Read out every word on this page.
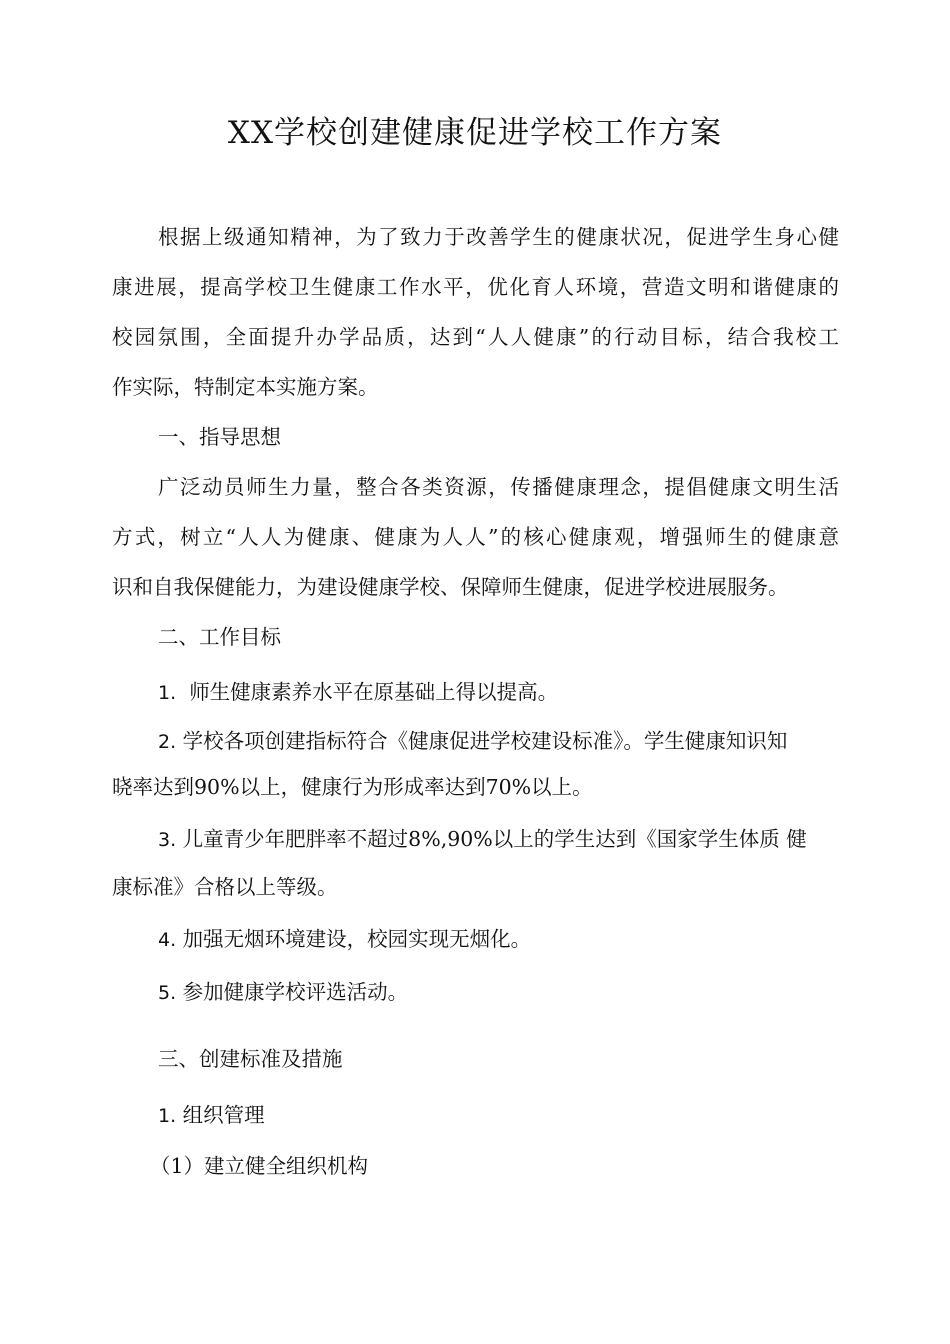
XX学校创建健康促进学校工作方案
根据上级通知精神，为了致力于改善学生的健康状况，促进学生身心健
康进展，提高学校卫生健康工作水平，优化育人环境，营造文明和谐健康的
校园氛围，全面提升办学品质，达到“人人健康”的行动目标，结合我校工
作实际，特制定本实施方案。
一、指导思想
广泛动员师生力量，整合各类资源，传播健康理念，提倡健康文明生活
方式，树立“人人为健康、健康为人人”的核心健康观，增强师生的健康意
识和自我保健能力，为建设健康学校、保障师生健康，促进学校进展服务。
二、工作目标
1. 师生健康素养水平在原基础上得以提高。
2. 学校各项创建指标符合《健康促进学校建设标准》。学生健康知识知
晓率达到90%以上，健康行为形成率达到70%以上。
3. 儿童青少年肥胖率不超过8%,90%以上的学生达到《国家学生体质 健
康标准》合格以上等级。
4. 加强无烟环境建设，校园实现无烟化。
5. 参加健康学校评选活动。
三、创建标准及措施
1. 组织管理
（1）建立健全组织机构
